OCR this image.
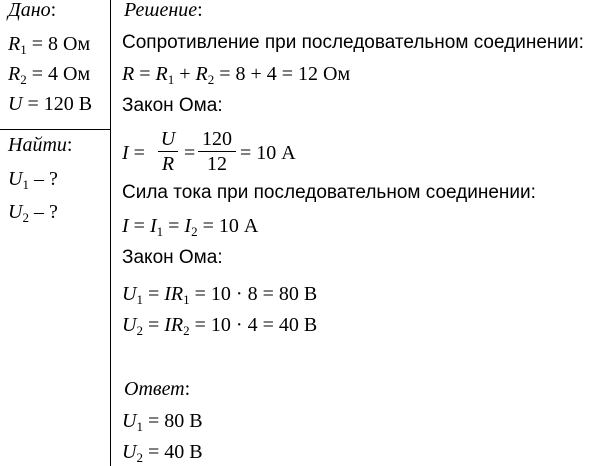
Дано:
$R_1 = 8$ Ом
$R_2 = 4$ Ом
U = 120 В
Найти:
$U_1$ – ?
$U_2$ – ?
Решение:
Сопротивление при последовательном соединении:
$R = R_1 + R_2 = 8 + 4 = 12$ Ом
Закон Ома:
I =
U
R =
120
12 = 10 А
Сила тока при последовательном соединении:
$I = I_1 = I_2 = 10$ А
Закон Ома:
$U_1 = IR_1 = 10 \cdot 8 = 80$ В
$U_2 = IR_2 = 10 \cdot 4 = 40$ В
Ответ:
$U_1 = 80$ В
$U_2 = 40$ В
